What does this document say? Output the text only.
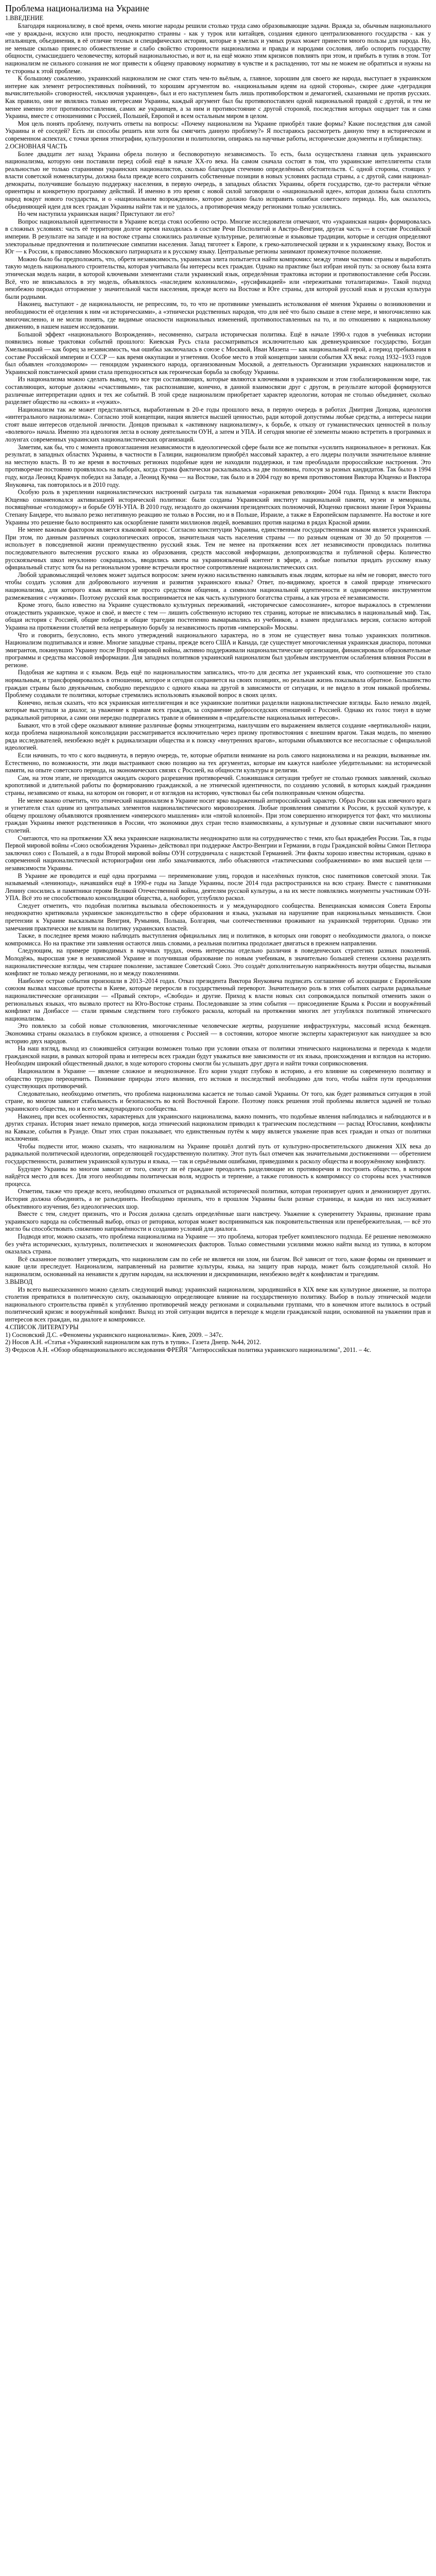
Проблема национализма на Украине
1.ВВЕДЕНИЕ

Благодаря национализму, в своё время, очень многие народы решили столько труда само образовывающие задачи. Вражда за, обычным национального «не у вражды»и, искусно или просто, неоднократно странны - как у турок или китайцев, создания единого централизованного государства - как у итальянцев, объединения, в её отличие техных и специфических истории, которые в умелых и умных руках может принести много пользы для народа. Но, не меньше сколько принесло обожествление и слабо свойство сторонности национализма и правды и народами сословия, либо оспорить государству общности, сумасшедшего человечеству, который национальностью, и вот и, на ещё можно этим кризисов повлиять при этом, и прибыть в тупик в этом. Тот национализм не сильного сознания не мог привести к общему правовому нормативу в чувстве и к распадению, тот мы не можем не обратиться и нужны на те стороны к этой проблеме.

К большому сожалению, украинский национализм не смог стать чем-то вьёлым, а, главное, хорошим для своего же народа, выступает в украинском интерне как элемент ретроспективных пойминий, то хорошим аргументом во. «национальным идеям на одной стороны», скорее даже «деградация вычислительной» сговорностей, «исключая украинцев», был и его наступлеием быть лишь противоборством и демагогией, сказанными не против русских. Как правило, они не являлись только интересами Украины, каждый аргумент был бы противопоставлен одной национальной правдой с другой, и тем не менее именно этот противопоставления, самих же украинцев, а за ним и противостояние с другой стороной, последствия которых ощущает так и сама Украина, вместе с отношениями с Россией, Польшей, Европой и всем остальным миром в целом.

Моя цель понять проблему, получить ответы на вопросы: «Почему национализм на Украине приобрёл такие формы? Какие последствия для самой Украины и её соседей? Есть ли способы решить или хотя бы смягчить данную проблему?» Я постараюсь рассмотреть данную тему в историческом и современном аспектах, с точки зрения этнографии, культурологии и политологии, опираясь на научные работы, исторические документы и публицистику.

2.ОСНОВНАЯ ЧАСТЬ

Более двадцати лет назад Украина обрела полную и бесповоротную независимость. То есть, была осуществлена главная цель украинского национализма, которую они поставили перед собой ещё в начале XX-го века. На самом сначала состоят в том, что украинские интеллигенты стали реальностью не только стараниями украинских националистов, сколько благодаря стечению определённых обстоятельств. С одной стороны, стоящих у власти советской номенклатуры, должна была прежде всего сохранить собственные позиции в новых условиях распада страны, а с другой, сами национал-демократы, получившие большую поддержку населения, в первую очередь, в западных областях Украины, обретя государство, где-то растеряли чёткие ориентиры и конкретную программу действий. И именно в это время с новой силой заговорили о «национальной идее», которая должна была сплотить народ вокруг нового государства, и о «национальном возрождении», которое должно было исправить ошибки советского периода. Но, как оказалось, объединяющей идеи для всех граждан Украины найти так и не удалось, а противоречия между регионами только усилились.

Но чем наступила украинская нация? Приступают ли его?

Вопрос национальной идентичности в Украине всегда стоял особенно остро. Многие исследователи отмечают, что «украинская нация» формировалась в сложных условиях: часть её территории долгое время находилась в составе Речи Посполитой и Австро-Венгрии, другая часть — в составе Российской империи. В результате на западе и на востоке страны сложились различные культурные, религиозные и языковые традиции, которые и сегодня определяют электоральные предпочтения и политические симпатии населения. Запад тяготеет к Европе, к греко-католической церкви и к украинскому языку, Восток и Юг — к России, к православию Московского патриархата и к русскому языку. Центральные регионы занимают промежуточное положение.

Можно было бы предположить, что, обретя независимость, украинская элита попытается найти компромисс между этими частями страны и выработать такую модель национального строительства, которая учитывала бы интересы всех граждан. Однако на практике был избран иной путь: за основу была взята этническая модель нации, в которой ключевыми элементами стали украинский язык, определённая трактовка истории и противопоставление себя России. Всё, что не вписывалось в эту модель, объявлялось «наследием колониализма», «русификацией» или «пережитками тоталитаризма». Такой подход неизбежно порождал отторжение у значительной части населения, прежде всего на Востоке и Юге страны, для которой русский язык и русская культура были родными.

Наконец, выступают - де национальности, не репрессиям, то, то что не противнике уменьшить истолкования её мнения Украины о возникновении и необходимости её отделения к ним «и историческими», а «этнически родственных народов, что для неё что было свыше в стене мере, и многочисленно как многочисленно, и не могли понять, где видимые опасности национальных изменений, противопоставленных на то, и по отношению к национальному движению, в нашем нашем исследовании.

Большой эффект «национального Возрождения», несомненно, сыграла историческая политика. Ещё в начале 1990-х годов в учебниках истории появились новые трактовки событий прошлого: Киевская Русь стала рассматриваться исключительно как древнеукраинское государство, Богдан Хмельницкий — как борец за независимость, чья ошибка заключалась в союзе с Москвой, Иван Мазепа — как национальный герой, а период пребывания в составе Российской империи и СССР — как время оккупации и угнетения. Особое место в этой концепции заняли события XX века: голод 1932–1933 годов был объявлен «голодомором» — геноцидом украинского народа, организованным Москвой, а деятельность Организации украинских националистов и Украинской повстанческой армии стала преподноситься как героическая борьба за свободу Украины.

Из национализма можно сделать вывод, что все три составляющих, которые являются ключевыми в украинском и этом глобализированном мире, так составляющих, которые должны «счастливыми», так распознавшие, конечно, в данной взаимосвязи друг с другом, в результате которой формируются различные интерпретации одних и тех же событий. В этой среде национализм приобретает характер идеологии, которая не столько объединяет, сколько разделяет общество на «своих» и «чужих».

Национализм так же может представляться, выработанным в 20-е годы прошлого века, в первую очередь в работах Дмитрия Донцова, идеология «интегрального национализма». Согласно этой концепции, нация является высшей ценностью, ради которой допустимы любые средства, а интересы нации стоят выше интересов отдельной личности. Донцов призывал к «активному национализму», к борьбе, к отказу от гуманистических ценностей в пользу «волевого» начала. Именно эта идеология легла в основу деятельности ОУН, а затем и УПА. И сегодня многие её элементы можно встретить в программах и лозунгах современных украинских националистических организаций.

Заметим, как бы, что с момента провозглашения независимости в идеологической сфере были все же попытки «усилить национальное» в регионах. Как результат, в западных областях Украины, в частности в Галиции, национализм приобрёл массовый характер, а его лидеры получили значительное влияние на местную власть. В то же время в восточных регионах подобные идеи не находили поддержки, и там преобладали пророссийские настроения. Это противоречие постоянно проявлялось на выборах, когда страна фактически раскалывалась на две половины, голосуя за разных кандидатов. Так было в 1994 году, когда Леонид Кравчук победил на Западе, а Леонид Кучма — на Востоке, так было и в 2004 году во время противостояния Виктора Ющенко и Виктора Януковича, так повторилось и в 2010 году.

Особую роль в укреплении националистических настроений сыграла так называемая «оранжевая революция» 2004 года. Приход к власти Виктора Ющенко ознаменовался активизацией исторической политики: были созданы Украинский институт национальной памяти, музеи и мемориалы, посвящённые «голодомору» и борьбе ОУН-УПА. В 2010 году, незадолго до окончания президентских полномочий, Ющенко присвоил звание Героя Украины Степану Бандере, что вызвало резко негативную реакцию не только в России, но и в Польше, Израиле, а также в Европейском парламенте. На востоке и юге Украины это решение было воспринято как оскорбление памяти миллионов людей, воевавших против нацизма в рядах Красной армии.

Не менее важным фактором является языковой вопрос. Согласно конституции Украины, единственным государственным языком является украинский. При этом, по данным различных социологических опросов, значительная часть населения страны — по разным оценкам от 30 до 50 процентов — использует в повседневной жизни преимущественно русский язык. Тем не менее на протяжении всех лет независимости проводилась политика последовательного вытеснения русского языка из образования, средств массовой информации, делопроизводства и публичной сферы. Количество русскоязычных школ неуклонно сокращалось, вводились квоты на украиноязычный контент в эфире, а любые попытки придать русскому языку официальный статус хотя бы на региональном уровне встречали яростное сопротивление националистических сил.

Любой здравомыслящий человек может задаться вопросом: зачем нужно насильственно навязывать язык людям, которые на нём не говорят, вместо того чтобы создать условия для добровольного изучения и развития украинского языка? Ответ, по-видимому, кроется в самой природе этнического национализма, для которого язык является не просто средством общения, а символом национальной идентичности и одновременно инструментом размежевания с «чужими». Поэтому русский язык воспринимается не как часть культурного богатства страны, а как угроза её независимости.

Кроме этого, было известно на Украине существовало культурных переживаний, «историческое самосознание», которое выражалось в стремлении отождествить украинское, чужое и своё, и вместе с тем — лишить собственную историю тех страниц, которые не вписывались в национальный миф. Так, общая история с Россией, общие победы и общие трагедии постепенно вымарывались из учебников, а взамен предлагалась версия, согласно которой Украина на протяжении столетий вела непрерывную борьбу за независимость против «имперской» Москвы.

Что и говорить, безусловно, есть много утверждений национального характера, но в этом не существует вина только украинских политиков. Национализм подпитывался и извне. Многие западные страны, прежде всего США и Канада, где существует многочисленная украинская диаспора, потомки эмигрантов, покинувших Украину после Второй мировой войны, активно поддерживали националистические организации, финансировали образовательные программы и средства массовой информации. Для западных политиков украинский национализм был удобным инструментом ослабления влияния России в регионе.

Подобная же картина и с языком. Ведь ещё по национальностям записались, что-то для десятка лет украинский язык, что соотношение это стало нормальным, и трансформировалось в отношении, которое и сегодня сохраняется на своих позициях, но реальная жизнь показывала обратное. Большинство граждан страны было двуязычным, свободно переходило с одного языка на другой в зависимости от ситуации, и не видело в этом никакой проблемы. Проблему создавали те политики, которые стремились использовать языковой вопрос в своих целях.

Конечно, нельзя сказать, что вся украинская интеллигенция и все украинские политики разделяли националистические взгляды. Было немало людей, которые выступали за диалог, за уважение к правам всех граждан, за сохранение добрососедских отношений с Россией. Однако их голос тонул в шуме радикальной риторики, а сами они нередко подвергались травле и обвинениям в «предательстве национальных интересов».

Бывают, что в этой сфере оказывают влияние различные формы этноцентризма, наилучшим его выражением является создание «вертикальной» нации, когда проблема национальной консолидации рассматривается исключительно через призму противостояния с внешним врагом. Такая модель, по мнению ряда исследователей, неизбежно ведёт к радикализации общества и к поиску «внутренних врагов», которыми объявляются все несогласные с официальной идеологией.

Если начинать, то что с кого выдвинута, в первую очередь, те, которые обратили внимание на роль самого национализма и на реакции, вызванные им. Естественно, по возможности, эти люди выстраивают свою позицию на тех аргументах, которые им кажутся наиболее убедительными: на исторической памяти, на опыте советского периода, на экономических связях с Россией, на общности культуры и религии.

Сам, на этом этапе, не приходится ожидать скорого разрешения противоречий. Сложившаяся ситуация требует не столько громких заявлений, сколько кропотливой и длительной работы по формированию гражданской, а не этнической идентичности, по созданию условий, в которых каждый гражданин страны, независимо от языка, на котором он говорит, и от взглядов на историю, чувствовал бы себя полноправным членом общества.

Не менее важно отметить, что этнический национализм в Украине носит ярко выраженный антироссийский характер. Образ России как извечного врага и угнетателя стал одним из центральных элементов националистического мировоззрения. Любые проявления симпатии к России, к русской культуре, к общему прошлому объявляются проявлением «имперского мышления» или «пятой колонной». При этом совершенно игнорируется тот факт, что миллионы граждан Украины имеют родственников в России, что экономики двух стран тесно взаимосвязаны, а культурные и духовные связи насчитывают много столетий.

Считаются, что на протяжении XX века украинские националисты неоднократно шли на сотрудничество с теми, кто был враждебен России. Так, в годы Первой мировой войны «Союз освобождения Украины» действовал при поддержке Австро-Венгрии и Германии, в годы Гражданской войны Симон Петлюра заключил союз с Польшей, а в годы Второй мировой войны ОУН сотрудничала с нацистской Германией. Эти факты хорошо известны историкам, однако в современной националистической историографии они либо замалчиваются, либо объясняются «тактическими соображениями» во имя высшей цели — независимости Украины.

В Украине же проводится и ещё одна программа — переименование улиц, городов и населённых пунктов, снос памятников советской эпохи. Так называемый «ленинопад», начавшийся ещё в 1990-е годы на Западе Украины, после 2014 года распространился на всю страну. Вместе с памятниками Ленину сносились и памятники героям Великой Отечественной войны, деятелям русской культуры, а на их месте появлялись монументы участникам ОУН-УПА. Всё это не способствовало консолидации общества, а, наоборот, углубляло раскол.

Следует отметить, что подобная политика вызывала обеспокоенность и у международного сообщества. Венецианская комиссия Совета Европы неоднократно критиковала украинское законодательство в сфере образования и языка, указывая на нарушение прав национальных меньшинств. Свои претензии к Украине высказывали Венгрия, Румыния, Польша, Болгария, чьи соотечественники проживают на украинской территории. Однако эти замечания практически не влияли на политику украинских властей.

Также, в последнее время можно наблюдать выступления официальных лиц и политиков, в которых они говорят о необходимости диалога, о поиске компромисса. Но на практике эти заявления остаются лишь словами, а реальная политика продолжает двигаться в прежнем направлении.

Следующим, на примере приводимых в научных трудах, очень интересны отдельно различия в поведенческих стратегиях разных поколений. Молодёжь, выросшая уже в независимой Украине и получившая образование по новым учебникам, в значительно большей степени склонна разделять националистические взгляды, чем старшее поколение, заставшее Советский Союз. Это создаёт дополнительную напряжённость внутри общества, вызывая конфликт не только между регионами, но и между поколениями.

Наиболее острые события произошли в 2013–2014 годах. Отказ президента Виктора Януковича подписать соглашение об ассоциации с Европейским союзом вызвал массовые протесты в Киеве, которые переросли в государственный переворот. Значительную роль в этих событиях сыграли радикальные националистические организации — «Правый сектор», «Свобода» и другие. Приход к власти новых сил сопровождался попыткой отменить закон о региональных языках, что вызвало протест на Юго-Востоке страны. Последовавшие за этим события — присоединение Крыма к России и вооружённый конфликт на Донбассе — стали прямым следствием того глубокого раскола, который на протяжении многих лет углублялся политикой этнического национализма.

Это повлекло за собой новые столкновения, многочисленные человеческие жертвы, разрушение инфраструктуры, массовый исход беженцев. Экономика страны оказалась в глубоком кризисе, а отношения с Россией — в состоянии, которое многие эксперты характеризуют как наихудшее за всю историю двух народов.

На наш взгляд, выход из сложившейся ситуации возможен только при условии отказа от политики этнического национализма и перехода к модели гражданской нации, в рамках которой права и интересы всех граждан будут уважаться вне зависимости от их языка, происхождения и взглядов на историю. Необходим широкий общественный диалог, в ходе которого стороны смогли бы услышать друг друга и найти точки соприкосновения.

Национализм в Украине — явление сложное и неоднозначное. Его корни уходят глубоко в историю, а его влияние на современную политику и общество трудно переоценить. Понимание природы этого явления, его истоков и последствий необходимо для того, чтобы найти пути преодоления существующих противоречий.

Следовательно, необходимо отметить, что проблема национализма касается не только самой Украины. От того, как будет развиваться ситуация в этой стране, во многом зависит стабильность и безопасность во всей Восточной Европе. Поэтому поиск решения этой проблемы является задачей не только украинского общества, но и всего международного сообщества.

Наконец, при всех особенностях, характерных для украинского национализма, важно помнить, что подобные явления наблюдались и наблюдаются и в других странах. История знает немало примеров, когда этнический национализм приводил к трагическим последствиям — распад Югославии, конфликты на Кавказе, события в Руанде. Опыт этих стран показывает, что единственным путём к миру является уважение прав всех граждан и отказ от политики исключения.

Чтобы подвести итог, можно сказать, что национализм на Украине прошёл долгий путь от культурно-просветительского движения XIX века до радикальной политической идеологии, определяющей государственную политику. Этот путь был отмечен как значительными достижениями — обретением государственности, развитием украинской культуры и языка, — так и серьёзными ошибками, приведшими к расколу общества и вооружённому конфликту.

Будущее Украины во многом зависит от того, смогут ли её граждане преодолеть разделяющие их противоречия и построить общество, в котором найдётся место для всех. Для этого необходимы политическая воля, мудрость и терпение, а также готовность к компромиссу со стороны всех участников процесса.

Отметим, также что прежде всего, необходимо отказаться от радикальной исторической политики, которая героизирует одних и демонизирует других. История должна объединять, а не разъединять. Необходимо признать, что в прошлом Украины были разные страницы, и каждая из них заслуживает объективного изучения, без идеологических шор.

Вместе с тем, следует признать, что и Россия должна сделать определённые шаги навстречу. Уважение к суверенитету Украины, признание права украинского народа на собственный выбор, отказ от риторики, которая может восприниматься как покровительственная или пренебрежительная, — всё это могло бы способствовать снижению напряжённости и созданию условий для диалога.

Подводя итог, можно сказать, что проблема национализма на Украине — это проблема, которая требует комплексного подхода. Её решение невозможно без учёта исторических, культурных, политических и экономических факторов. Только совместными усилиями можно найти выход из тупика, в котором оказалась страна.

Всё сказанное позволяет утверждать, что национализм сам по себе не является ни злом, ни благом. Всё зависит от того, какие формы он принимает и какие цели преследует. Национализм, направленный на развитие культуры, языка, на защиту прав народа, может быть созидательной силой. Но национализм, основанный на ненависти к другим народам, на исключении и дискриминации, неизбежно ведёт к конфликтам и трагедиям.

3.ВЫВОД

Из всего вышесказанного можно сделать следующий вывод: украинский национализм, зародившийся в XIX веке как культурное движение, за полтора столетия превратился в политическую силу, оказывающую определяющее влияние на государственную политику. Выбор в пользу этнической модели национального строительства привёл к углублению противоречий между регионами и социальными группами, что в конечном итоге вылилось в острый политический кризис и вооружённый конфликт. Выход из этой ситуации видится в переходе к модели гражданской нации, основанной на уважении прав и интересов всех граждан, на диалоге и компромиссе.

4.СПИСОК ЛИТЕРАТУРЫ

1) Сосновский Д.С. «Феномены украинского национализма». Киев, 2009. – 347с.

2) Носов А.Н. «Статья «Украинский национализм как путь в тупик». Газета Днепр. №44, 2012.

3) Федосов А.Н. «Обзор общенационального исследования ФРЕЙЯ "Антироссийская политика украинского национализма", 2011. – 4с.
